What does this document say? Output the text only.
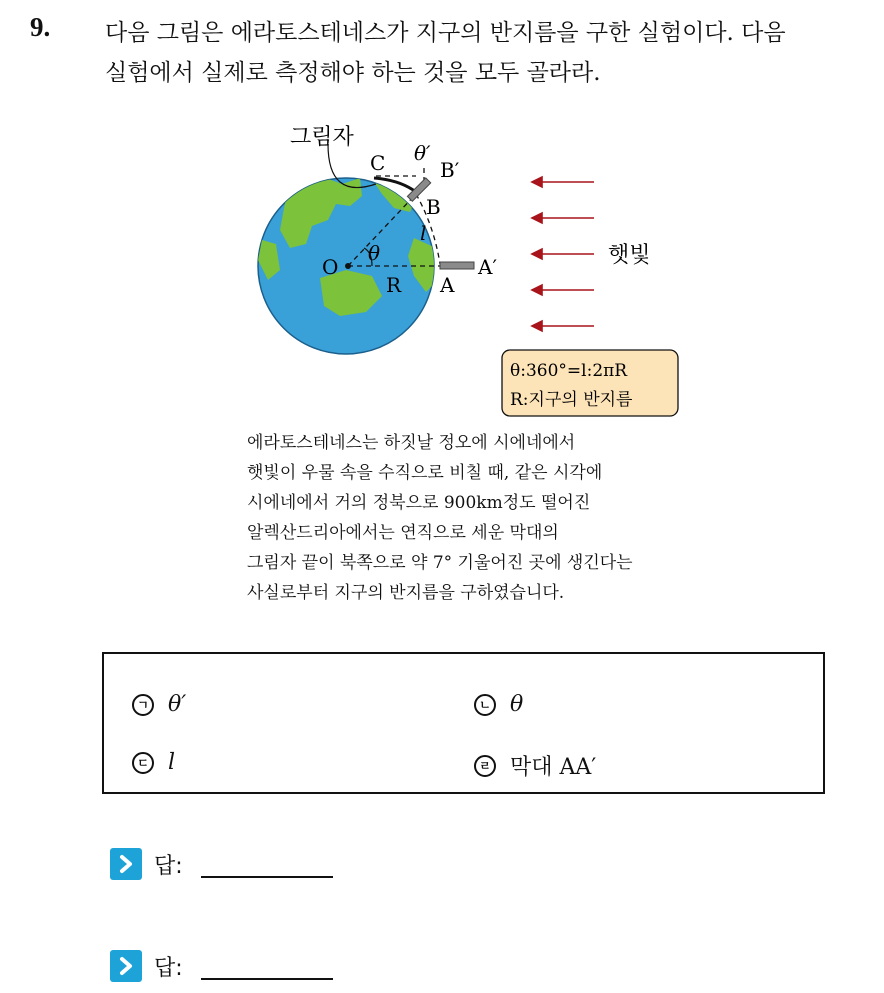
9. 다음 그림은 에라토스테네스가 지구의 반지름을 구한 실험이다. 다음
실험에서 실제로 측정해야 하는 것을 모두 골라라.
그림자
θ′
C	B′
B
l
O
θ
R A
A′	햇빛
θ:360°=l:2πR
R:지구의 반지름
에라토스테네스는 하짓날 정오에 시에네에서
햇빛이 우물 속을 수직으로 비칠 때, 같은 시각에
시에네에서 거의 정북으로 900km정도 떨어진
알렉산드리아에서는 연직으로 세운 막대의
그림자 끝이 북쪽으로 약 7° 기울어진 곳에 생긴다는
사실로부터 지구의 반지름을 구하였습니다.
ㄱ θ′	ㄴ θ
ㄷ l	ㄹ 막대 AA′
답:
답:
